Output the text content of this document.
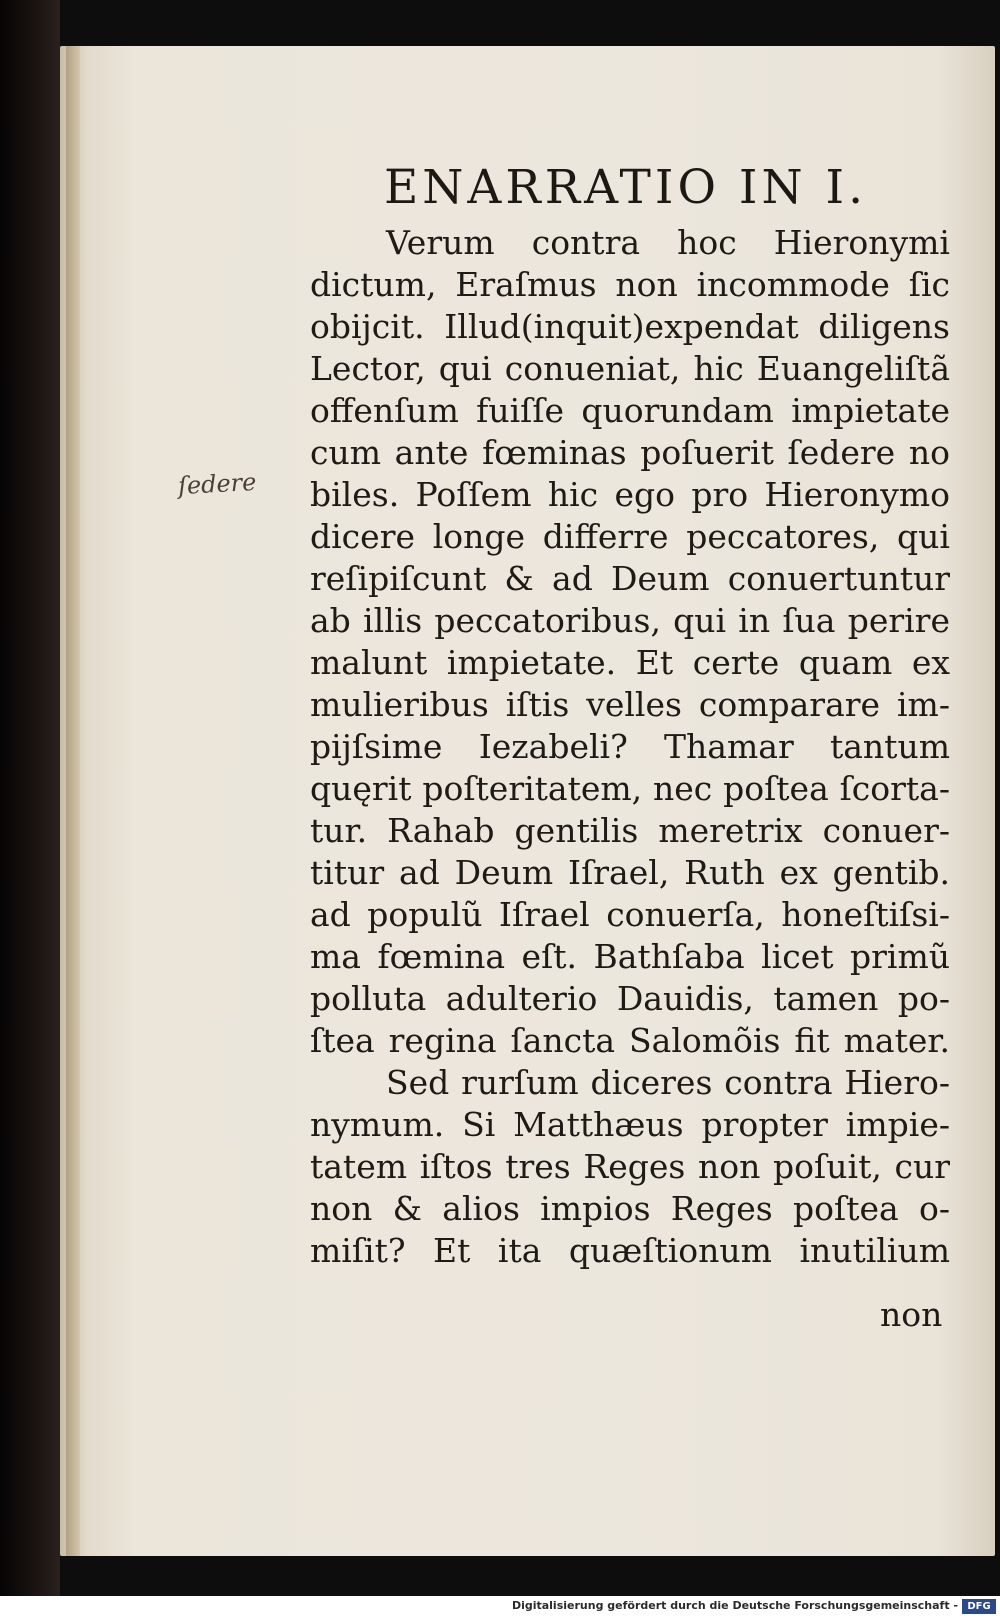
ENARRATIO IN I.
ſedere
Verum contra hoc Hieronymi
dictum, Eraſmus non incommode ſic
obijcit. Illud(inquit)expendat diligens
Lector, qui conueniat, hic Euangeliſtã
offenſum fuiſſe quorundam impietate
cum ante fœminas poſuerit ſedere no
biles. Poſſem hic ego pro Hieronymo
dicere longe differre peccatores, qui
reſipiſcunt & ad Deum conuertuntur
ab illis peccatoribus, qui in ſua perire
malunt impietate. Et certe quam ex
mulieribus iſtis velles comparare im-
pijſsime Iezabeli? Thamar tantum
quęrit poſteritatem, nec poſtea ſcorta-
tur. Rahab gentilis meretrix conuer-
titur ad Deum Iſrael, Ruth ex gentib.
ad populũ Iſrael conuerſa, honeſtiſsi-
ma fœmina eſt. Bathſaba licet primũ
polluta adulterio Dauidis, tamen po-
ſtea regina ſancta Salomõis fit mater.
Sed rurſum diceres contra Hiero-
nymum. Si Matthæus propter impie-
tatem iſtos tres Reges non poſuit, cur
non & alios impios Reges poſtea o-
miſit? Et ita quæſtionum inutilium
non
Digitalisierung gefördert durch die Deutsche Forschungsgemeinschaft - DFG
